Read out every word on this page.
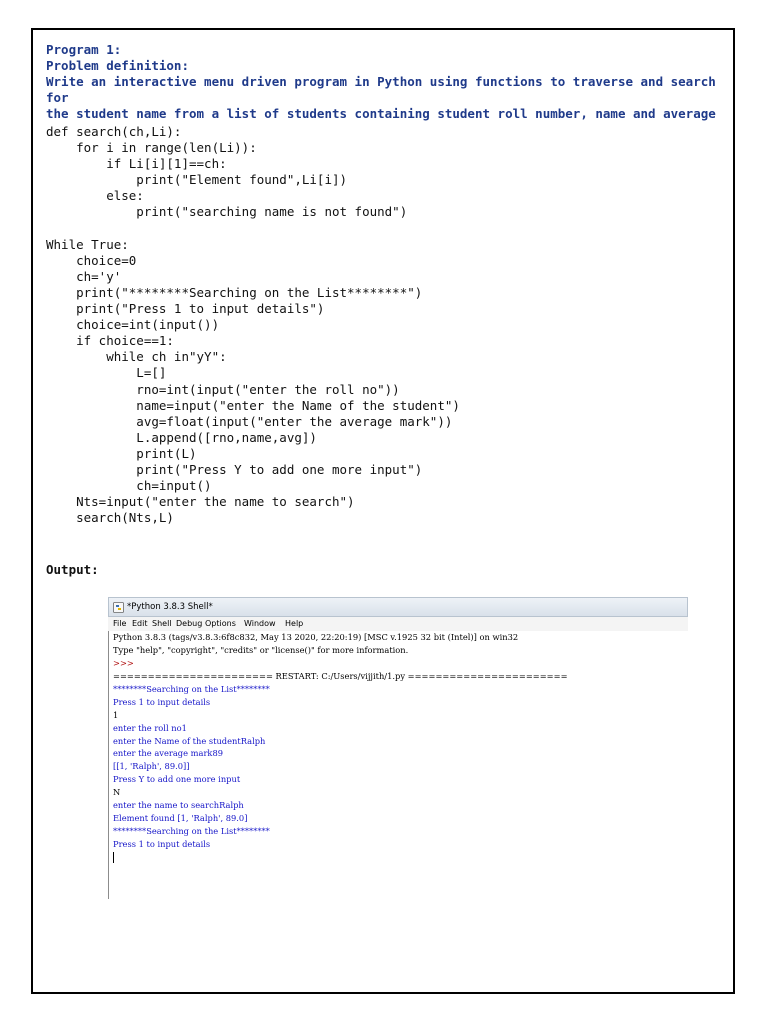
Program 1:
Problem definition:
Write an interactive menu driven program in Python using functions to traverse and search for
the student name from a list of students containing student roll number, name and average
def search(ch,Li):
for i in range(len(Li)):
if Li[i][1]==ch:
print("Element found",Li[i])
else:
print("searching name is not found")
While True:
choice=0
ch='y'
print("********Searching on the List********")
print("Press 1 to input details")
choice=int(input())
if choice==1:
while ch in"yY":
L=[]
rno=int(input("enter the roll no"))
name=input("enter the Name of the student")
avg=float(input("enter the average mark"))
L.append([rno,name,avg])
print(L)
print("Press Y to add one more input")
ch=input()
Nts=input("enter the name to search")
search(Nts,L)
Output:
*Python 3.8.3 Shell*
File Edit Shell Debug Options Window Help
Python 3.8.3 (tags/v3.8.3:6f8c832, May 13 2020, 22:20:19) [MSC v.1925 32 bit (Intel)] on win32
Type "help", "copyright", "credits" or "license()" for more information.
>>>
======================= RESTART: C:/Users/vijjith/1.py =======================
********Searching on the List********
Press 1 to input details
1
enter the roll no1
enter the Name of the studentRalph
enter the average mark89
[[1, 'Ralph', 89.0]]
Press Y to add one more input
N
enter the name to searchRalph
Element found [1, 'Ralph', 89.0]
********Searching on the List********
Press 1 to input details
